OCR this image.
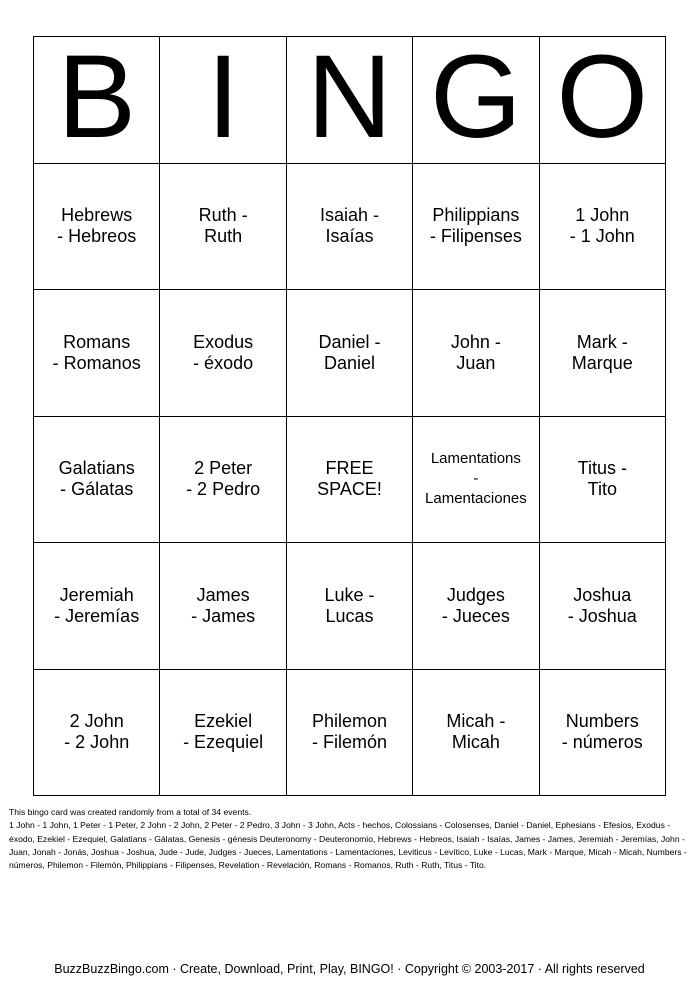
B I N G O
Hebrews
- Hebreos
Ruth -
Ruth
Isaiah -
Isaías
Philippians
- Filipenses
1 John
- 1 John
Romans
- Romanos
Exodus
- éxodo
Daniel -
Daniel
John -
Juan
Mark -
Marque
Galatians
- Gálatas
2 Peter
- 2 Pedro
FREE
SPACE!
Lamentations
-
Lamentaciones
Titus -
Tito
Jeremiah
- Jeremías
James
- James
Luke -
Lucas
Judges
- Jueces
Joshua
- Joshua
2 John
- 2 John
Ezekiel
- Ezequiel
Philemon
- Filemón
Micah -
Micah
Numbers
- números
This bingo card was created randomly from a total of 34 events.
1 John - 1 John, 1 Peter - 1 Peter, 2 John - 2 John, 2 Peter - 2 Pedro, 3 John - 3 John, Acts - hechos, Colossians - Colosenses, Daniel - Daniel, Ephesians - Efesios, Exodus - éxodo, Ezekiel - Ezequiel, Galatians - Gálatas, Genesis - génesis Deuteronomy - Deuteronomio, Hebrews - Hebreos, Isaiah - Isaías, James - James, Jeremiah - Jeremías, John - Juan, Jonah - Jonás, Joshua - Joshua, Jude - Jude, Judges - Jueces, Lamentations - Lamentaciones, Leviticus - Levítico, Luke - Lucas, Mark - Marque, Micah - Micah, Numbers - números, Philemon - Filemón, Philippians - Filipenses, Revelation - Revelación, Romans - Romanos, Ruth - Ruth, Titus - Tito.
BuzzBuzzBingo.com · Create, Download, Print, Play, BINGO! · Copyright © 2003-2017 · All rights reserved
